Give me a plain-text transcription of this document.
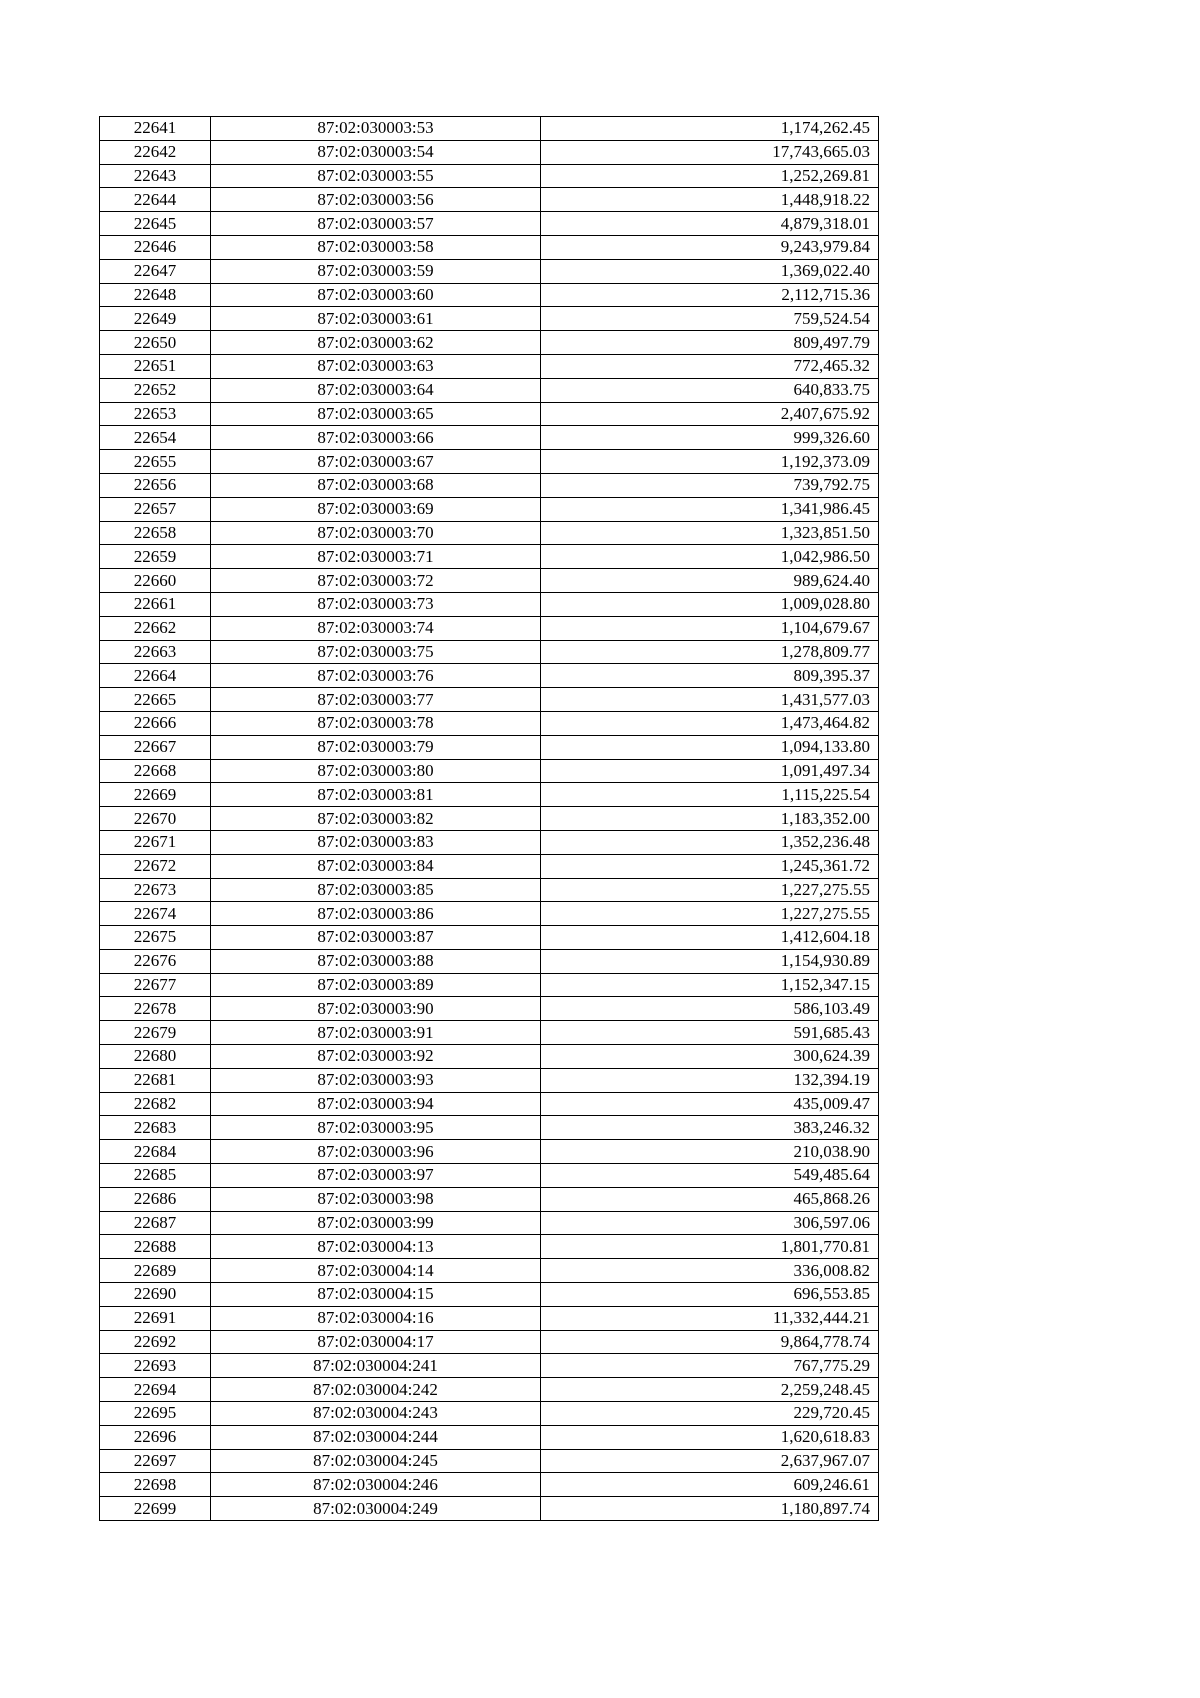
22641	87:02:030003:53	1,174,262.45
22642	87:02:030003:54	17,743,665.03
22643	87:02:030003:55	1,252,269.81
22644	87:02:030003:56	1,448,918.22
22645	87:02:030003:57	4,879,318.01
22646	87:02:030003:58	9,243,979.84
22647	87:02:030003:59	1,369,022.40
22648	87:02:030003:60	2,112,715.36
22649	87:02:030003:61	759,524.54
22650	87:02:030003:62	809,497.79
22651	87:02:030003:63	772,465.32
22652	87:02:030003:64	640,833.75
22653	87:02:030003:65	2,407,675.92
22654	87:02:030003:66	999,326.60
22655	87:02:030003:67	1,192,373.09
22656	87:02:030003:68	739,792.75
22657	87:02:030003:69	1,341,986.45
22658	87:02:030003:70	1,323,851.50
22659	87:02:030003:71	1,042,986.50
22660	87:02:030003:72	989,624.40
22661	87:02:030003:73	1,009,028.80
22662	87:02:030003:74	1,104,679.67
22663	87:02:030003:75	1,278,809.77
22664	87:02:030003:76	809,395.37
22665	87:02:030003:77	1,431,577.03
22666	87:02:030003:78	1,473,464.82
22667	87:02:030003:79	1,094,133.80
22668	87:02:030003:80	1,091,497.34
22669	87:02:030003:81	1,115,225.54
22670	87:02:030003:82	1,183,352.00
22671	87:02:030003:83	1,352,236.48
22672	87:02:030003:84	1,245,361.72
22673	87:02:030003:85	1,227,275.55
22674	87:02:030003:86	1,227,275.55
22675	87:02:030003:87	1,412,604.18
22676	87:02:030003:88	1,154,930.89
22677	87:02:030003:89	1,152,347.15
22678	87:02:030003:90	586,103.49
22679	87:02:030003:91	591,685.43
22680	87:02:030003:92	300,624.39
22681	87:02:030003:93	132,394.19
22682	87:02:030003:94	435,009.47
22683	87:02:030003:95	383,246.32
22684	87:02:030003:96	210,038.90
22685	87:02:030003:97	549,485.64
22686	87:02:030003:98	465,868.26
22687	87:02:030003:99	306,597.06
22688	87:02:030004:13	1,801,770.81
22689	87:02:030004:14	336,008.82
22690	87:02:030004:15	696,553.85
22691	87:02:030004:16	11,332,444.21
22692	87:02:030004:17	9,864,778.74
22693	87:02:030004:241	767,775.29
22694	87:02:030004:242	2,259,248.45
22695	87:02:030004:243	229,720.45
22696	87:02:030004:244	1,620,618.83
22697	87:02:030004:245	2,637,967.07
22698	87:02:030004:246	609,246.61
22699	87:02:030004:249	1,180,897.74
